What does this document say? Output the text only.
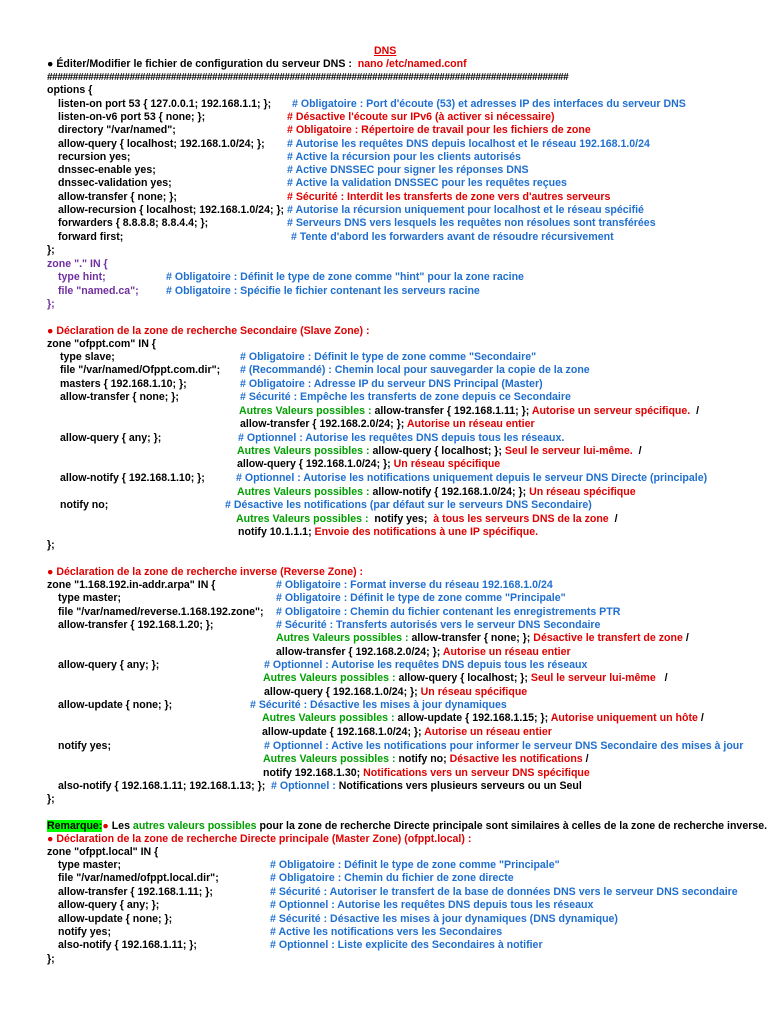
DNS
● Éditer/Modifier le fichier de configuration du serveur DNS : nano /etc/named.conf
#####################################################################################################
options {
listen-on port 53 { 127.0.0.1; 192.168.1.1; }; # Obligatoire : Port d'écoute (53) et adresses IP des interfaces du serveur DNS
listen-on-v6 port 53 { none; };	# Désactive l'écoute sur IPv6 (à activer si nécessaire)
directory "/var/named";	# Obligatoire : Répertoire de travail pour les fichiers de zone
allow-query { localhost; 192.168.1.0/24; }; # Autorise les requêtes DNS depuis localhost et le réseau 192.168.1.0/24
recursion yes;	# Active la récursion pour les clients autorisés
dnssec-enable yes;	# Active DNSSEC pour signer les réponses DNS
dnssec-validation yes;	# Active la validation DNSSEC pour les requêtes reçues
allow-transfer { none; };	# Sécurité : Interdit les transferts de zone vers d'autres serveurs
allow-recursion { localhost; 192.168.1.0/24; }; # Autorise la récursion uniquement pour localhost et le réseau spécifié
forwarders { 8.8.8.8; 8.8.4.4; };	# Serveurs DNS vers lesquels les requêtes non résolues sont transférées
forward first;	# Tente d'abord les forwarders avant de résoudre récursivement
};
zone "." IN {
type hint;	# Obligatoire : Définit le type de zone comme "hint" pour la zone racine
file "named.ca";	# Obligatoire : Spécifie le fichier contenant les serveurs racine
};
● Déclaration de la zone de recherche Secondaire (Slave Zone) :
zone "ofppt.com" IN {
type slave;	# Obligatoire : Définit le type de zone comme "Secondaire"
file "/var/named/Ofppt.com.dir"; # (Recommandé) : Chemin local pour sauvegarder la copie de la zone
masters { 192.168.1.10; };	# Obligatoire : Adresse IP du serveur DNS Principal (Master)
allow-transfer { none; };	# Sécurité : Empêche les transferts de zone depuis ce Secondaire
Autres Valeurs possibles : allow-transfer { 192.168.1.11; }; Autorise un serveur spécifique. /
allow-transfer { 192.168.2.0/24; }; Autorise un réseau entier
allow-query { any; };	# Optionnel : Autorise les requêtes DNS depuis tous les réseaux.
Autres Valeurs possibles : allow-query { localhost; }; Seul le serveur lui-même. /
allow-query { 192.168.1.0/24; }; Un réseau spécifique
allow-notify { 192.168.1.10; };	# Optionnel : Autorise les notifications uniquement depuis le serveur DNS Directe (principale)
Autres Valeurs possibles : allow-notify { 192.168.1.0/24; }; Un réseau spécifique
notify no;	# Désactive les notifications (par défaut sur le serveurs DNS Secondaire)
Autres Valeurs possibles : notify yes; à tous les serveurs DNS de la zone /
notify 10.1.1.1; Envoie des notifications à une IP spécifique.
};
● Déclaration de la zone de recherche inverse (Reverse Zone) :
zone "1.168.192.in-addr.arpa" IN {	# Obligatoire : Format inverse du réseau 192.168.1.0/24
type master;	# Obligatoire : Définit le type de zone comme "Principale"
file "/var/named/reverse.1.168.192.zone"; # Obligatoire : Chemin du fichier contenant les enregistrements PTR
allow-transfer { 192.168.1.20; };	# Sécurité : Transferts autorisés vers le serveur DNS Secondaire
Autres Valeurs possibles : allow-transfer { none; }; Désactive le transfert de zone /
allow-transfer { 192.168.2.0/24; }; Autorise un réseau entier
allow-query { any; };	# Optionnel : Autorise les requêtes DNS depuis tous les réseaux
Autres Valeurs possibles : allow-query { localhost; }; Seul le serveur lui-même /
allow-query { 192.168.1.0/24; }; Un réseau spécifique
allow-update { none; };	# Sécurité : Désactive les mises à jour dynamiques
Autres Valeurs possibles : allow-update { 192.168.1.15; }; Autorise uniquement un hôte /
allow-update { 192.168.1.0/24; }; Autorise un réseau entier
notify yes;	# Optionnel : Active les notifications pour informer le serveur DNS Secondaire des mises à jour
Autres Valeurs possibles : notify no; Désactive les notifications /
notify 192.168.1.30; Notifications vers un serveur DNS spécifique
also-notify { 192.168.1.11; 192.168.1.13; }; # Optionnel : Notifications vers plusieurs serveurs ou un Seul
};
Remarque:● Les autres valeurs possibles pour la zone de recherche Directe principale sont similaires à celles de la zone de recherche inverse.
● Déclaration de la zone de recherche Directe principale (Master Zone) (ofppt.local) :
zone "ofppt.local" IN {
type master;	# Obligatoire : Définit le type de zone comme "Principale"
file "/var/named/ofppt.local.dir";	# Obligatoire : Chemin du fichier de zone directe
allow-transfer { 192.168.1.11; };	# Sécurité : Autoriser le transfert de la base de données DNS vers le serveur DNS secondaire
allow-query { any; };	# Optionnel : Autorise les requêtes DNS depuis tous les réseaux
allow-update { none; };	# Sécurité : Désactive les mises à jour dynamiques (DNS dynamique)
notify yes;	# Active les notifications vers les Secondaires
also-notify { 192.168.1.11; };	# Optionnel : Liste explicite des Secondaires à notifier
};
